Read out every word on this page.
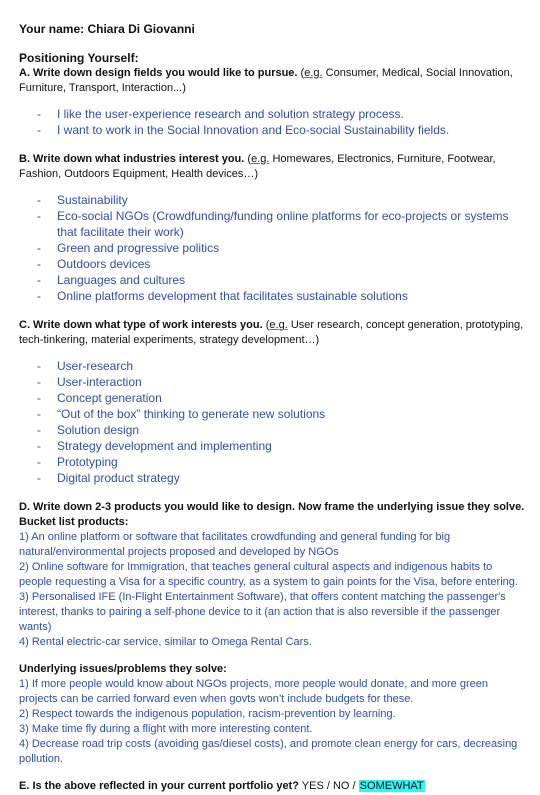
Your name: Chiara Di Giovanni
Positioning Yourself:

A. Write down design fields you would like to pursue. (e.g. Consumer, Medical, Social Innovation, Furniture, Transport, Interaction...)

- I like the user-experience research and solution strategy process.
- I want to work in the Social Innovation and Eco-social Sustainability fields.

B. Write down what industries interest you. (e.g. Homewares, Electronics, Furniture, Footwear, Fashion, Outdoors Equipment, Health devices…)

- Sustainability
- Eco-social NGOs (Crowdfunding/funding online platforms for eco-projects or systems that facilitate their work)
- Green and progressive politics
- Outdoors devices
- Languages and cultures
- Online platforms development that facilitates sustainable solutions

C. Write down what type of work interests you. (e.g. User research, concept generation, prototyping, tech-tinkering, material experiments, strategy development…)

- User-research
- User-interaction
- Concept generation
- “Out of the box” thinking to generate new solutions
- Solution design
- Strategy development and implementing
- Prototyping
- Digital product strategy
D. Write down 2-3 products you would like to design. Now frame the underlying issue they solve.
Bucket list products:
1) An online platform or software that facilitates crowdfunding and general funding for big natural/environmental projects proposed and developed by NGOs
2) Online software for Immigration, that teaches general cultural aspects and indigenous habits to people requesting a Visa for a specific country, as a system to gain points for the Visa, before entering.
3) Personalised IFE (In-Flight Entertainment Software), that offers content matching the passenger's interest, thanks to pairing a self-phone device to it (an action that is also reversible if the passenger wants)
4) Rental electric-car service, similar to Omega Rental Cars.
Underlying issues/problems they solve:
1) If more people would know about NGOs projects, more people would donate, and more green projects can be carried forward even when govts won’t include budgets for these.
2) Respect towards the indigenous population, racism-prevention by learning.
3) Make time fly during a flight with more interesting content.
4) Decrease road trip costs (avoiding gas/diesel costs), and promote clean energy for cars, decreasing pollution.
E. Is the above reflected in your current portfolio yet? YES / NO / SOMEWHAT
